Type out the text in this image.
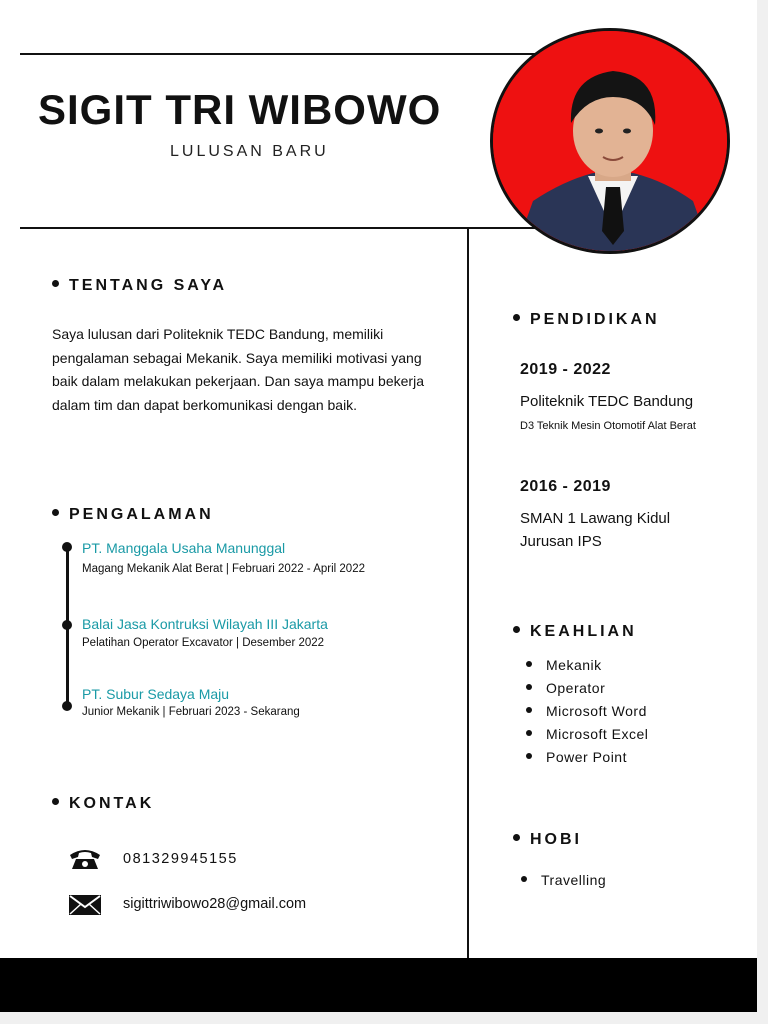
SIGIT TRI WIBOWO
LULUSAN BARU
TENTANG SAYA
Saya lulusan dari Politeknik TEDC Bandung, memiliki pengalaman sebagai Mekanik. Saya memiliki motivasi yang baik dalam melakukan pekerjaan. Dan saya mampu bekerja dalam tim dan dapat berkomunikasi dengan baik.
PENGALAMAN
PT. Manggala Usaha Manunggal
Magang Mekanik Alat Berat | Februari 2022 - April 2022
Balai Jasa Kontruksi Wilayah III Jakarta
Pelatihan Operator Excavator | Desember 2022
PT. Subur Sedaya Maju
Junior Mekanik | Februari 2023 - Sekarang
KONTAK
081329945155
sigittriwibowo28@gmail.com
PENDIDIKAN
2019 - 2022
Politeknik TEDC Bandung
D3 Teknik Mesin Otomotif Alat Berat
2016 - 2019
SMAN 1 Lawang Kidul
Jurusan IPS
KEAHLIAN
Mekanik
Operator
Microsoft Word
Microsoft Excel
Power Point
HOBI
Travelling
